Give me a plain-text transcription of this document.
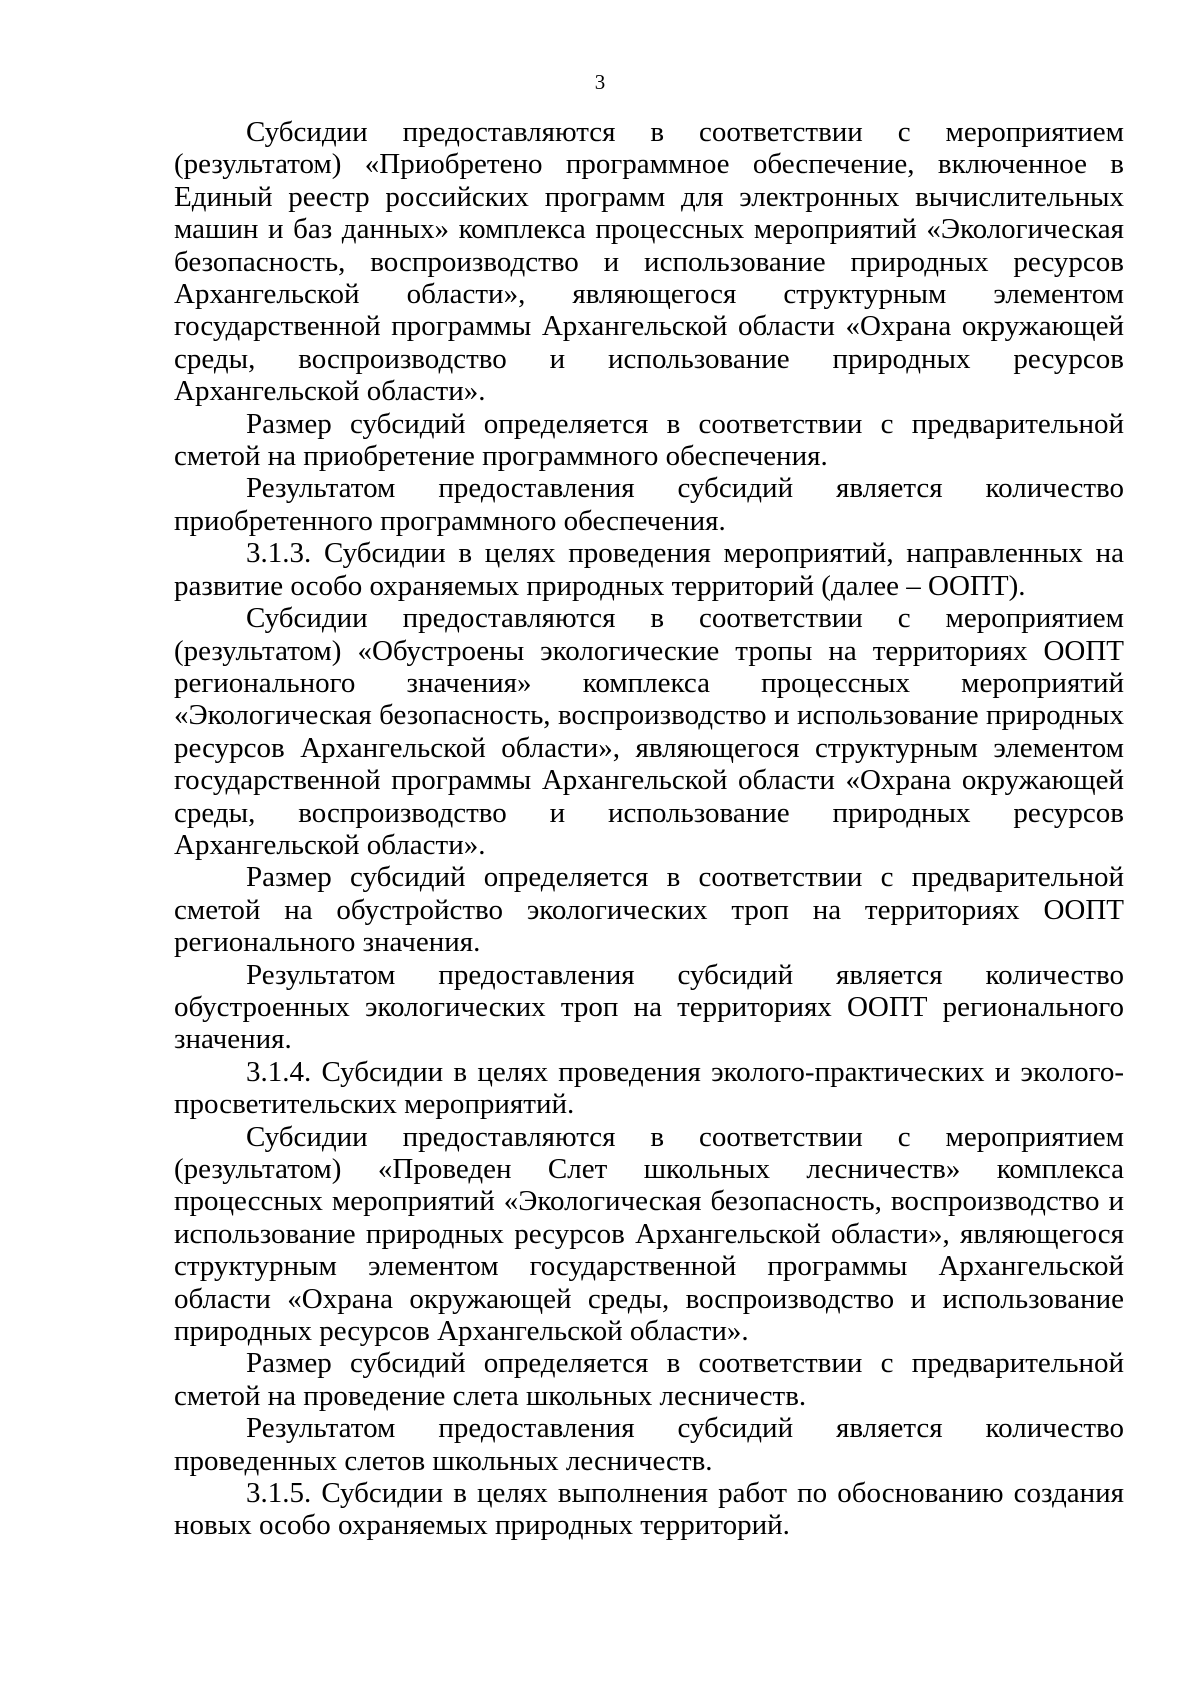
3

Субсидии предоставляются в соответствии с мероприятием (результатом) «Приобретено программное обеспечение, включенное в Единый реестр российских программ для электронных вычислительных машин и баз данных» комплекса процессных мероприятий «Экологическая безопасность, воспроизводство и использование природных ресурсов Архангельской области», являющегося структурным элементом государственной программы Архангельской области «Охрана окружающей среды, воспроизводство и использование природных ресурсов Архангельской области».

Размер субсидий определяется в соответствии с предварительной сметой на приобретение программного обеспечения.

Результатом предоставления субсидий является количество приобретенного программного обеспечения.

3.1.3. Субсидии в целях проведения мероприятий, направленных на развитие особо охраняемых природных территорий (далее – ООПТ).

Субсидии предоставляются в соответствии с мероприятием (результатом) «Обустроены экологические тропы на территориях ООПТ регионального значения» комплекса процессных мероприятий «Экологическая безопасность, воспроизводство и использование природных ресурсов Архангельской области», являющегося структурным элементом государственной программы Архангельской области «Охрана окружающей среды, воспроизводство и использование природных ресурсов Архангельской области».

Размер субсидий определяется в соответствии с предварительной сметой на обустройство экологических троп на территориях ООПТ регионального значения.

Результатом предоставления субсидий является количество обустроенных экологических троп на территориях ООПТ регионального значения.

3.1.4. Субсидии в целях проведения эколого-практических и эколого-просветительских мероприятий.

Субсидии предоставляются в соответствии с мероприятием (результатом) «Проведен Слет школьных лесничеств» комплекса процессных мероприятий «Экологическая безопасность, воспроизводство и использование природных ресурсов Архангельской области», являющегося структурным элементом государственной программы Архангельской области «Охрана окружающей среды, воспроизводство и использование природных ресурсов Архангельской области».

Размер субсидий определяется в соответствии с предварительной сметой на проведение слета школьных лесничеств.

Результатом предоставления субсидий является количество проведенных слетов школьных лесничеств.

3.1.5. Субсидии в целях выполнения работ по обоснованию создания новых особо охраняемых природных территорий.
